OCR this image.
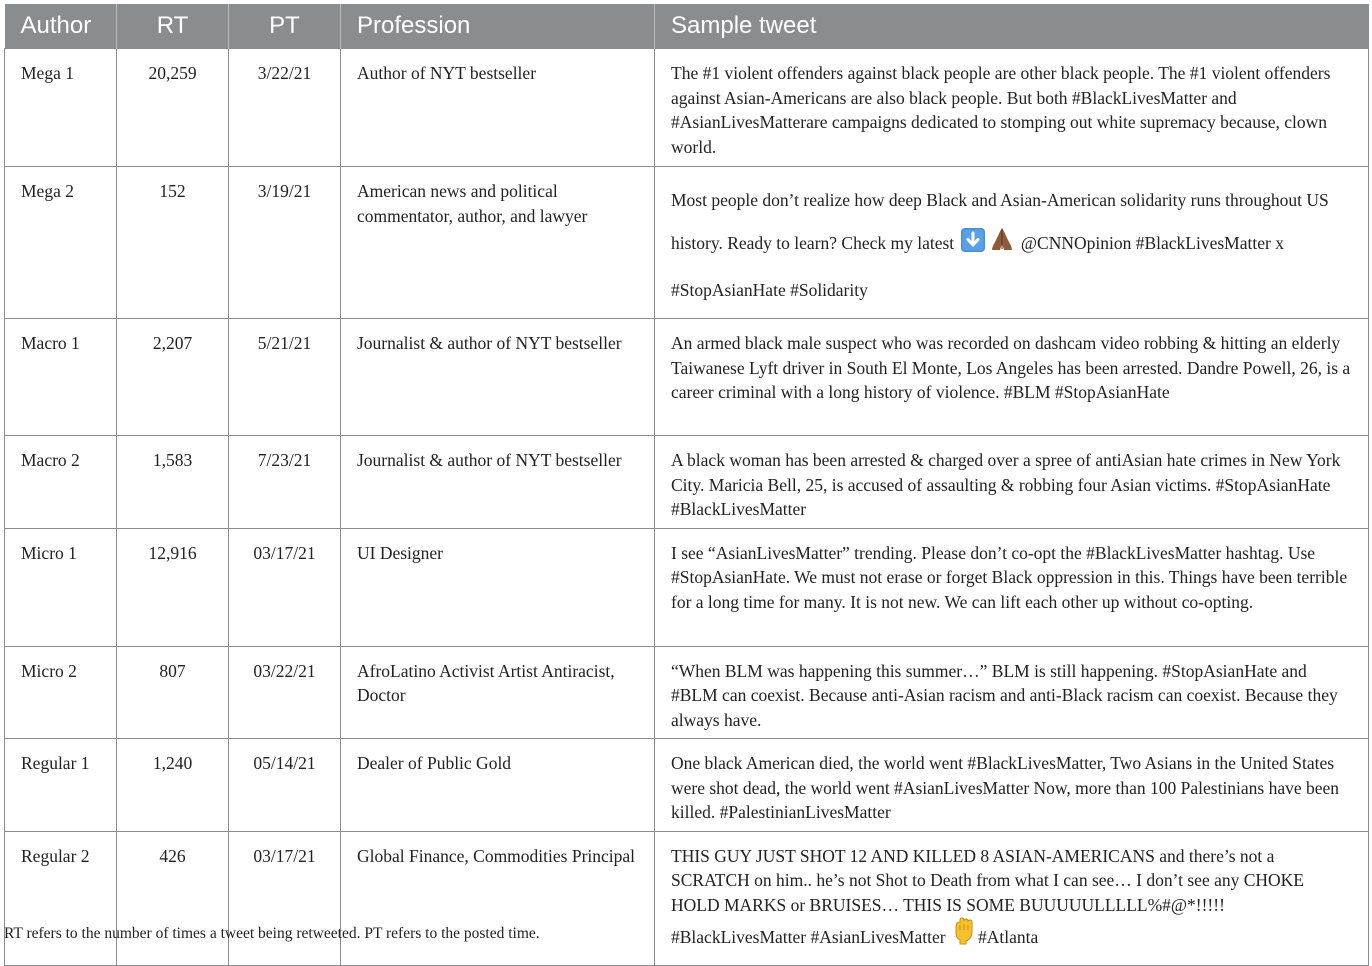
Author	RT	PT	Profession	Sample tweet
Mega 1	20,259	3/22/21	Author of NYT bestseller	The #1 violent offenders against black people are other black people. The #1 violent offenders against Asian-Americans are also black people. But both #BlackLivesMatter and #AsianLivesMatterare campaigns dedicated to stomping out white supremacy because, clown world.
Mega 2	152	3/19/21	American news and political commentator, author, and lawyer	Most people don’t realize how deep Black and Asian-American solidarity runs throughout US history. Ready to learn? Check my latest @CNNOpinion #BlackLivesMatter x #StopAsianHate #Solidarity
Macro 1	2,207	5/21/21	Journalist & author of NYT bestseller	An armed black male suspect who was recorded on dashcam video robbing & hitting an elderly Taiwanese Lyft driver in South El Monte, Los Angeles has been arrested. Dandre Powell, 26, is a career criminal with a long history of violence. #BLM #StopAsianHate
Macro 2	1,583	7/23/21	Journalist & author of NYT bestseller	A black woman has been arrested & charged over a spree of antiAsian hate crimes in New York City. Maricia Bell, 25, is accused of assaulting & robbing four Asian victims. #StopAsianHate #BlackLivesMatter
Micro 1	12,916	03/17/21	UI Designer	I see “AsianLivesMatter” trending. Please don’t co-opt the #BlackLivesMatter hashtag. Use #StopAsianHate. We must not erase or forget Black oppression in this. Things have been terrible for a long time for many. It is not new. We can lift each other up without co-opting.
Micro 2	807	03/22/21	AfroLatino Activist Artist Antiracist, Doctor	“When BLM was happening this summer…” BLM is still happening. #StopAsianHate and #BLM can coexist. Because anti-Asian racism and anti-Black racism can coexist. Because they always have.
Regular 1	1,240	05/14/21	Dealer of Public Gold	One black American died, the world went #BlackLivesMatter, Two Asians in the United States were shot dead, the world went #AsianLivesMatter Now, more than 100 Palestinians have been killed. #PalestinianLivesMatter
Regular 2	426	03/17/21	Global Finance, Commodities Principal	THIS GUY JUST SHOT 12 AND KILLED 8 ASIAN-AMERICANS and there’s not a SCRATCH on him.. he’s not Shot to Death from what I can see… I don’t see any CHOKE HOLD MARKS or BRUISES… THIS IS SOME BUUUUULLLLL%#@*!!!!!
#BlackLivesMatter #AsianLivesMatter #Atlanta
RT refers to the number of times a tweet being retweeted. PT refers to the posted time.
